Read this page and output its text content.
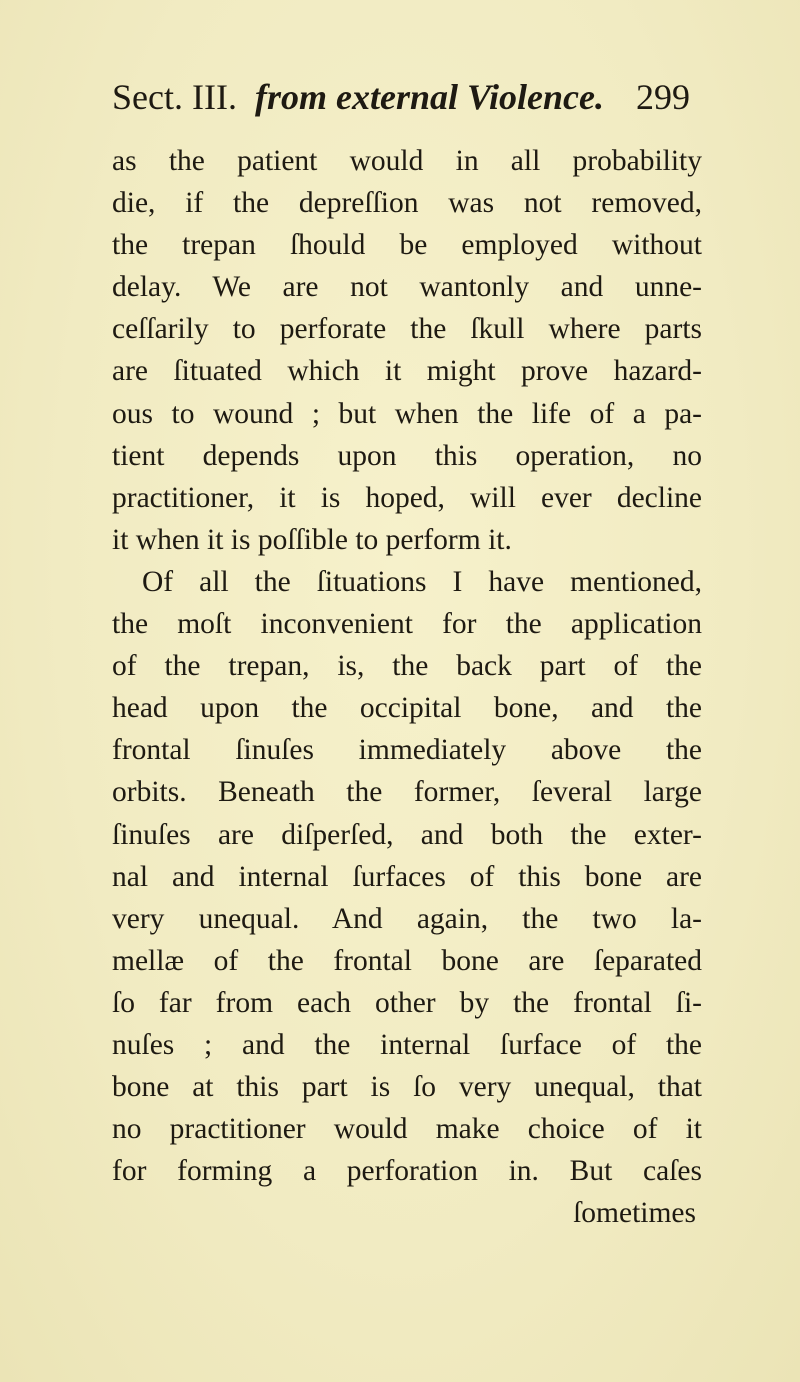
Sect. III. from external Violence. 299
as the patient would in all probability
die, if the depreſſion was not removed,
the trepan ſhould be employed without
delay. We are not wantonly and unne-
ceſſarily to perforate the ſkull where parts
are ſituated which it might prove hazard-
ous to wound ; but when the life of a pa-
tient depends upon this operation, no
practitioner, it is hoped, will ever decline
it when it is poſſible to perform it.
Of all the ſituations I have mentioned,
the moſt inconvenient for the application
of the trepan, is, the back part of the
head upon the occipital bone, and the
frontal ſinuſes immediately above the
orbits. Beneath the former, ſeveral large
ſinuſes are diſperſed, and both the exter-
nal and internal ſurfaces of this bone are
very unequal. And again, the two la-
mellæ of the frontal bone are ſeparated
ſo far from each other by the frontal ſi-
nuſes ; and the internal ſurface of the
bone at this part is ſo very unequal, that
no practitioner would make choice of it
for forming a perforation in. But caſes
ſometimes
